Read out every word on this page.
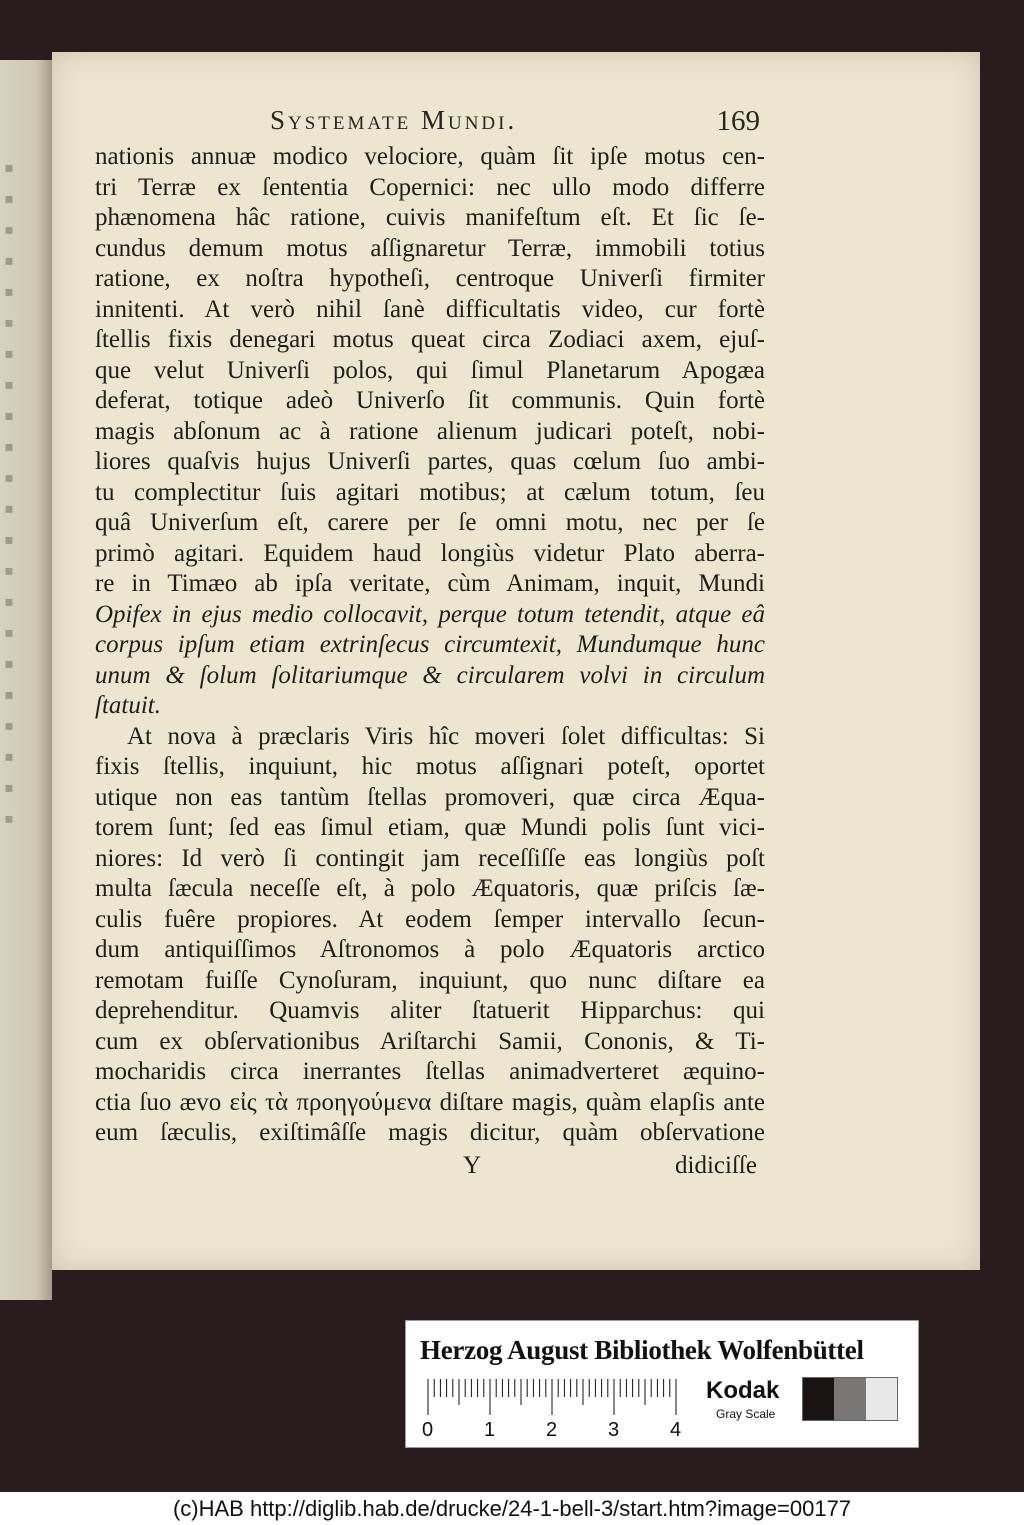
▪
▪
▪
▪
▪
▪
▪
▪
▪
▪
▪
▪
▪
▪
▪
▪
▪
▪
▪
▪
▪
▪
Systemate Mundi.	169
nationis annuæ modico velociore, quàm ſit ipſe motus cen-
tri Terræ ex ſententia Copernici: nec ullo modo differre
phænomena hâc ratione, cuivis manifeſtum eſt. Et ſic ſe-
cundus demum motus aſſignaretur Terræ, immobili totius
ratione, ex noſtra hypotheſi, centroque Univerſi firmiter
innitenti. At verò nihil ſanè difficultatis video, cur fortè
ſtellis fixis denegari motus queat circa Zodiaci axem, ejuſ-
que velut Univerſi polos, qui ſimul Planetarum Apogæa
deferat, totique adeò Univerſo ſit communis. Quin fortè
magis abſonum ac à ratione alienum judicari poteſt, nobi-
liores quaſvis hujus Univerſi partes, quas cœlum ſuo ambi-
tu complectitur ſuis agitari motibus; at cælum totum, ſeu
quâ Univerſum eſt, carere per ſe omni motu, nec per ſe
primò agitari. Equidem haud longiùs videtur Plato aberra-
re in Timæo ab ipſa veritate, cùm Animam, inquit, Mundi
Opifex in ejus medio collocavit, perque totum tetendit, atque eâ
corpus ipſum etiam extrinſecus circumtexit, Mundumque hunc
unum & ſolum ſolitariumque & circularem volvi in circulum
ſtatuit.
At nova à præclaris Viris hîc moveri ſolet difficultas: Si
fixis ſtellis, inquiunt, hic motus aſſignari poteſt, oportet
utique non eas tantùm ſtellas promoveri, quæ circa Æqua-
torem ſunt; ſed eas ſimul etiam, quæ Mundi polis ſunt vici-
niores: Id verò ſi contingit jam receſſiſſe eas longiùs poſt
multa ſæcula neceſſe eſt, à polo Æquatoris, quæ priſcis ſæ-
culis fuêre propiores. At eodem ſemper intervallo ſecun-
dum antiquiſſimos Aſtronomos à polo Æquatoris arctico
remotam fuiſſe Cynoſuram, inquiunt, quo nunc diſtare ea
deprehenditur. Quamvis aliter ſtatuerit Hipparchus: qui
cum ex obſervationibus Ariſtarchi Samii, Cononis, & Ti-
mocharidis circa inerrantes ſtellas animadverteret æquino-
ctia ſuo ævo εἰς τὰ προηγούμενα diſtare magis, quàm elapſis ante
eum ſæculis, exiſtimâſſe magis dicitur, quàm obſervatione
Y	didiciſſe
Herzog August Bibliothek Wolfenbüttel
0	1	2	3	4
Kodak
Gray Scale
(c)HAB http://diglib.hab.de/drucke/24-1-bell-3/start.htm?image=00177
